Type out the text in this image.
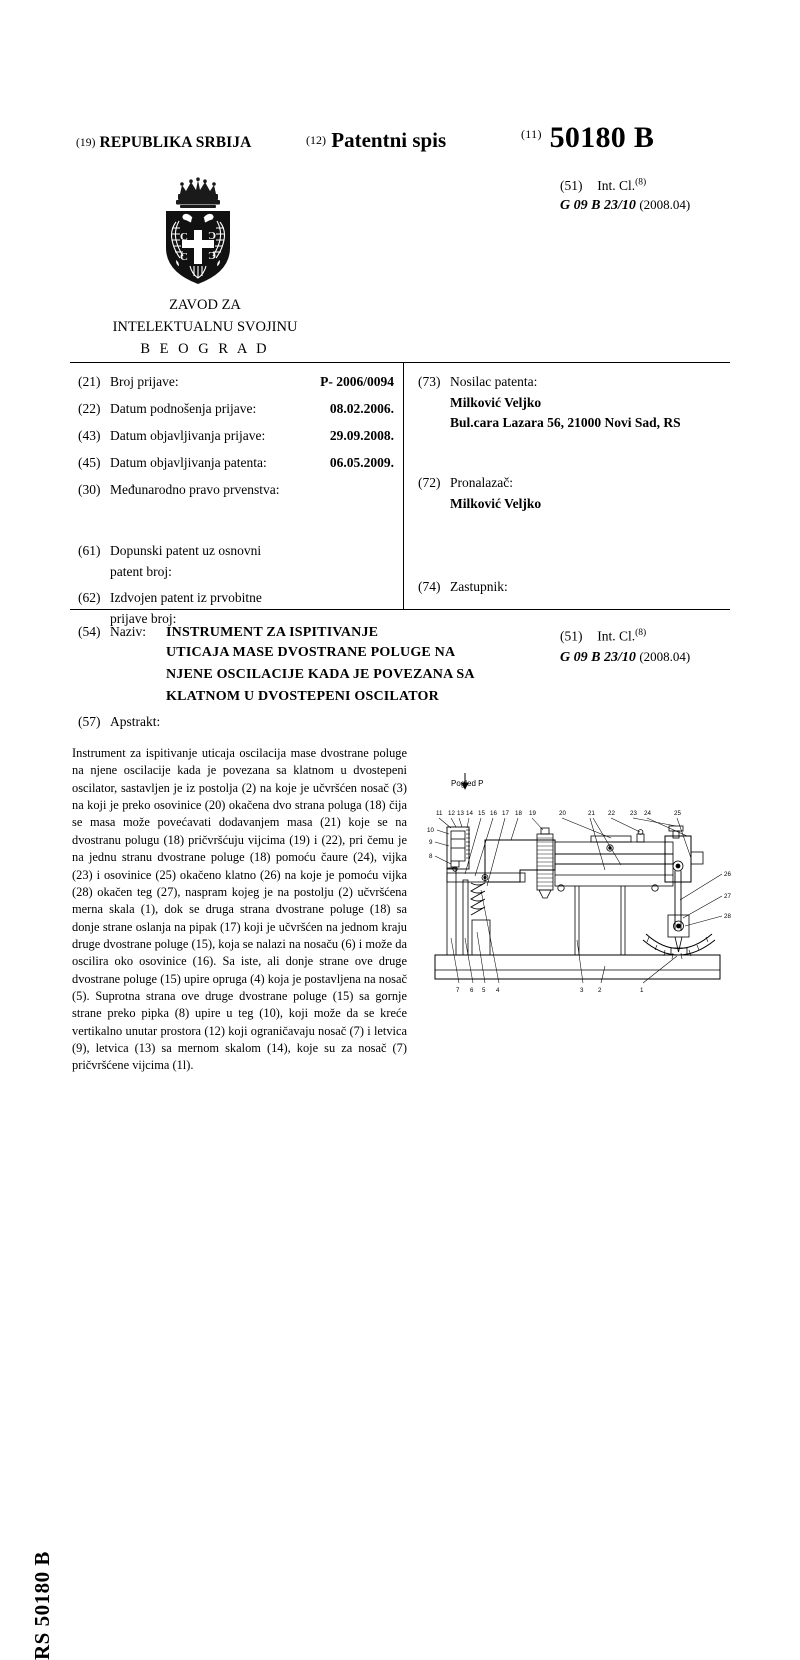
(19) REPUBLIKA SRBIJA	(12) Patentni spis	$^{(11)}$ 50180 B
(51) Int. Cl.$^{(8)}$
G 09 B 23/10 (2008.04)
C C
C C
ZAVOD ZA
INTELEKTUALNU SVOJINU
B E O G R A D
(21) Broj prijave:	P- 2006/0094
(22) Datum podnošenja prijave:	08.02.2006.
(43) Datum objavljivanja prijave:	29.09.2008.
(45) Datum objavljivanja patenta:	06.05.2009.
(30) Međunarodno pravo prvenstva:
(61) Dopunski patent uz osnovni
patent broj:
(62) Izdvojen patent iz prvobitne
prijave broj:
(73) Nosilac patenta:
Milković Veljko
Bul.cara Lazara 56, 21000 Novi Sad, RS
(72) Pronalazač:
Milković Veljko
(74) Zastupnik:
(54) Naziv: INSTRUMENT ZA ISPITIVANJE
UTICAJA MASE DVOSTRANE POLUGE NA
NJENE OSCILACIJE KADA JE POVEZANA SA
KLATNOM U DVOSTEPENI OSCILATOR
(51) Int. Cl.$^{(8)}$
G 09 B 23/10 (2008.04)
(57) Apstrakt:
Instrument za ispitivanje uticaja oscilacija mase dvostrane poluge na njene oscilacije kada je povezana sa klatnom u dvostepeni oscilator, sastavljen je iz postolja (2) na koje je učvršćen nosač (3) na koji je preko osovinice (20) okačena dvo strana poluga (18) čija se masa može povećavati dodavanjem masa (21) koje se na dvostranu polugu (18) pričvršćuju vijcima (19) i (22), pri čemu je na jednu stranu dvostrane poluge (18) pomoću čaure (24), vijka (23) i osovinice (25) okačeno klatno (26) na koje je pomoću vijka (28) okačen teg (27), naspram kojeg je na postolju (2) učvršćena merna skala (1), dok se druga strana dvostrane poluge (18) sa donje strane oslanja na pipak (17) koji je učvršćen na jednom kraju druge dvostrane poluge (15), koja se nalazi na nosaču (6) i može da oscilira oko osovinice (16). Sa iste, ali donje strane ove druge dvostrane poluge (15) upire opruga (4) koja je postavljena na nosač (5). Suprotna strana ove druge dvostrane poluge (15) sa gornje strane preko pipka (8) upire u teg (10), koji može da se kreće vertikalno unutar prostora (12) koji ograničavaju nosač (7) i letvica (9), letvica (13) sa mernom skalom (14), koje su za nosač (7) pričvršćene vijcima (1l).
RS 50180 B
11 12 13 14 15 16 17 18 19	20	21 22 23 24	25
10
9
8
26
27
28
7 6 5 4	3 2	1
Pogled P
